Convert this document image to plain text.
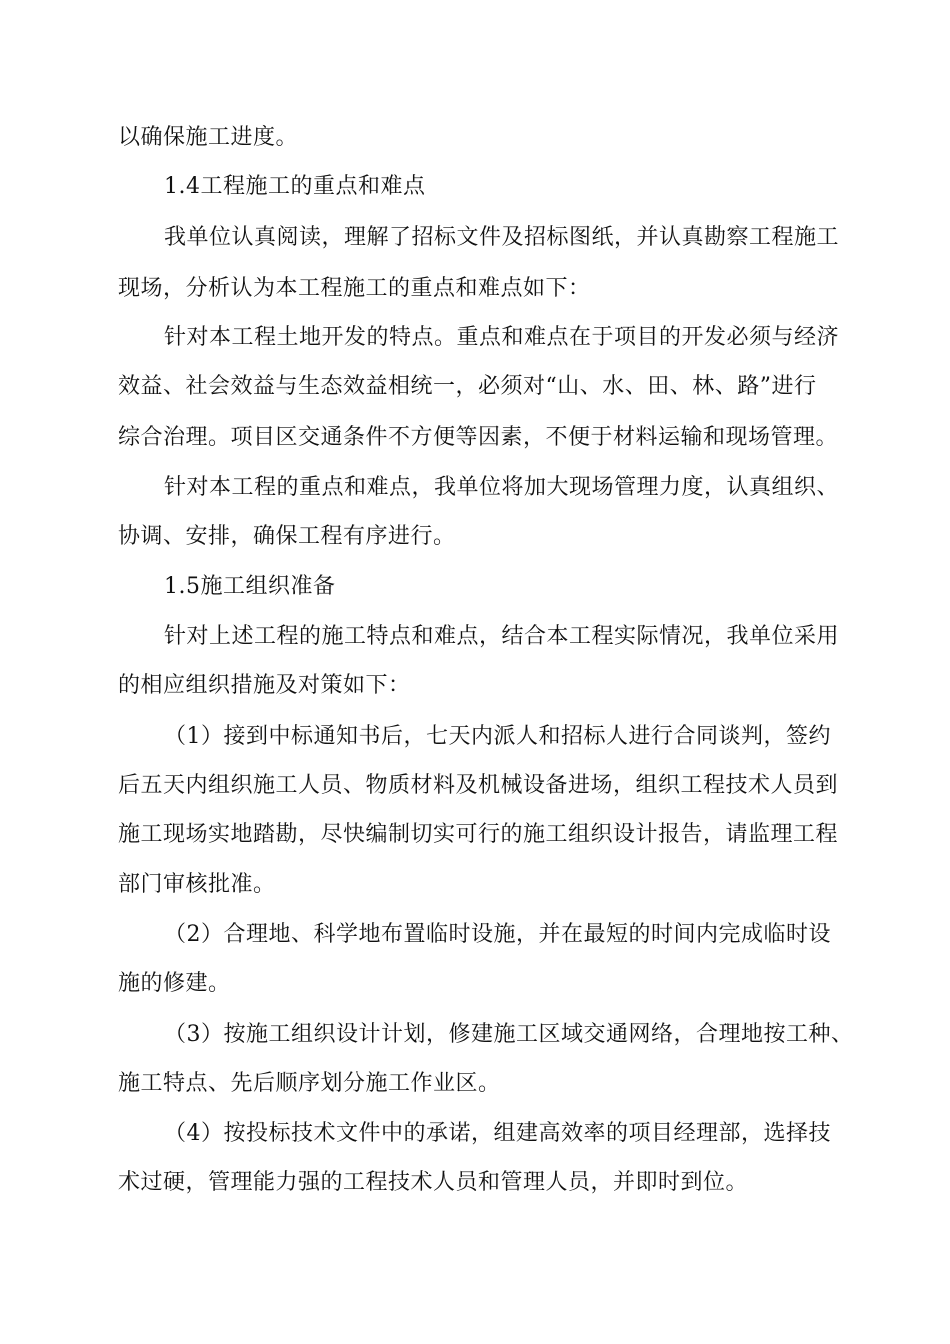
以确保施工进度。
1.4工程施工的重点和难点
我单位认真阅读，理解了招标文件及招标图纸，并认真勘察工程施工
现场，分析认为本工程施工的重点和难点如下：
针对本工程土地开发的特点。重点和难点在于项目的开发必须与经济
效益、社会效益与生态效益相统一，必须对“山、水、田、林、路”进行
综合治理。项目区交通条件不方便等因素，不便于材料运输和现场管理。
针对本工程的重点和难点，我单位将加大现场管理力度，认真组织、
协调、安排，确保工程有序进行。
1.5施工组织准备
针对上述工程的施工特点和难点，结合本工程实际情况，我单位采用
的相应组织措施及对策如下：
（1）接到中标通知书后，七天内派人和招标人进行合同谈判，签约
后五天内组织施工人员、物质材料及机械设备进场，组织工程技术人员到
施工现场实地踏勘，尽快编制切实可行的施工组织设计报告，请监理工程
部门审核批准。
（2）合理地、科学地布置临时设施，并在最短的时间内完成临时设
施的修建。
（3）按施工组织设计计划，修建施工区域交通网络，合理地按工种、
施工特点、先后顺序划分施工作业区。
（4）按投标技术文件中的承诺，组建高效率的项目经理部，选择技
术过硬，管理能力强的工程技术人员和管理人员，并即时到位。
